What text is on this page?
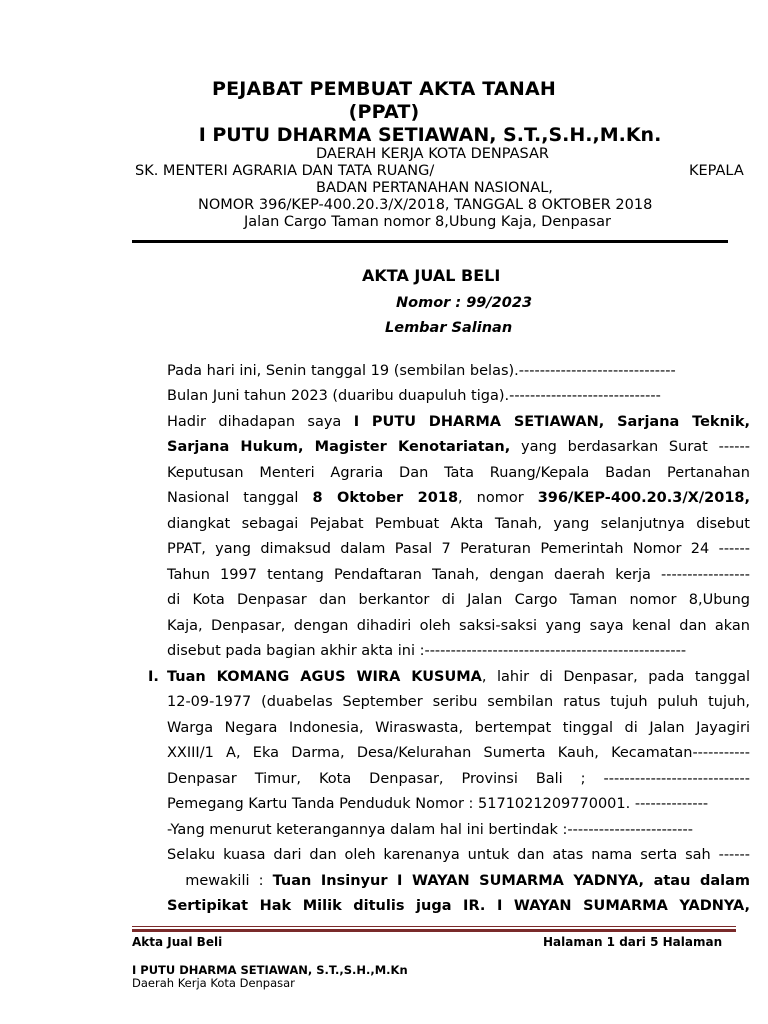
PEJABAT PEMBUAT AKTA TANAH
(PPAT)
I PUTU DHARMA SETIAWAN, S.T.,S.H.,M.Kn.
DAERAH KERJA KOTA DENPASAR
SK. MENTERI AGRARIA DAN TATA RUANG/	KEPALA
BADAN PERTANAHAN NASIONAL,
NOMOR 396/KEP-400.20.3/X/2018, TANGGAL 8 OKTOBER 2018
Jalan Cargo Taman nomor 8,Ubung Kaja, Denpasar
AKTA JUAL BELI
Nomor : 99/2023
Lembar Salinan
Pada hari ini, Senin tanggal 19 (sembilan belas).------------------------------
Bulan Juni tahun 2023 (duaribu duapuluh tiga).-----------------------------
Hadir dihadapan saya I PUTU DHARMA SETIAWAN, Sarjana Teknik,
Sarjana Hukum, Magister Kenotariatan, yang berdasarkan Surat ------
Keputusan Menteri Agraria Dan Tata Ruang/Kepala Badan Pertanahan
Nasional tanggal 8 Oktober 2018, nomor 396/KEP-400.20.3/X/2018,
diangkat sebagai Pejabat Pembuat Akta Tanah, yang selanjutnya disebut
PPAT, yang dimaksud dalam Pasal 7 Peraturan Pemerintah Nomor 24 ------
Tahun 1997 tentang Pendaftaran Tanah, dengan daerah kerja -----------------
di Kota Denpasar dan berkantor di Jalan Cargo Taman nomor 8,Ubung
Kaja, Denpasar, dengan dihadiri oleh saksi-saksi yang saya kenal dan akan
disebut pada bagian akhir akta ini :--------------------------------------------------
I. Tuan KOMANG AGUS WIRA KUSUMA, lahir di Denpasar, pada tanggal
12-09-1977 (duabelas September seribu sembilan ratus tujuh puluh tujuh,
Warga Negara Indonesia, Wiraswasta, bertempat tinggal di Jalan Jayagiri
XXIII/1 A, Eka Darma, Desa/Kelurahan Sumerta Kauh, Kecamatan-----------
Denpasar Timur, Kota Denpasar, Provinsi Bali ; ----------------------------
Pemegang Kartu Tanda Penduduk Nomor : 5171021209770001. --------------
-Yang menurut keterangannya dalam hal ini bertindak :------------------------
Selaku kuasa dari dan oleh karenanya untuk dan atas nama serta sah ------
mewakili : Tuan Insinyur I WAYAN SUMARMA YADNYA, atau dalam
Sertipikat Hak Milik ditulis juga IR. I WAYAN SUMARMA YADNYA,
Akta Jual Beli	Halaman 1 dari 5 Halaman
I PUTU DHARMA SETIAWAN, S.T.,S.H.,M.Kn
Daerah Kerja Kota Denpasar
